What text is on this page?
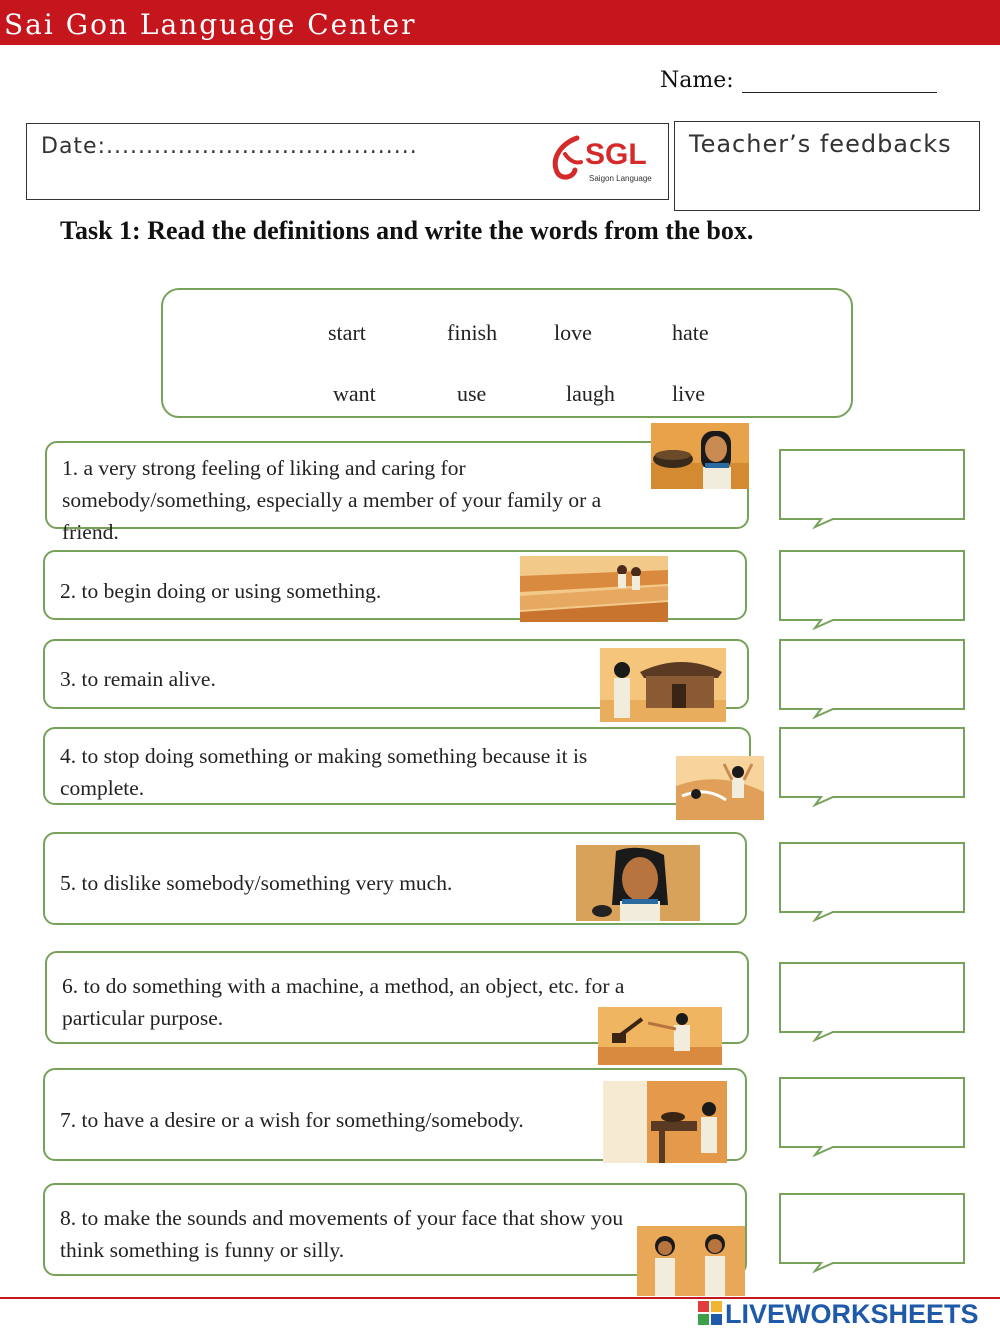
Sai Gon Language Center
Name:
Date:.......................................	SGL
Saigon Language
Teacher’s feedbacks
Task 1: Read the definitions and write the words from the box.
start	finish	love	hate
want	use	laugh	live
1. a very strong feeling of liking and caring for
somebody/something, especially a member of your family or a
friend.
2. to begin doing or using something.
3. to remain alive.
4. to stop doing something or making something because it is
complete.
5. to dislike somebody/something very much.
6. to do something with a machine, a method, an object, etc. for a
particular purpose.
7. to have a desire or a wish for something/somebody.
8. to make the sounds and movements of your face that show you
think something is funny or silly.
LIVEWORKSHEETS
